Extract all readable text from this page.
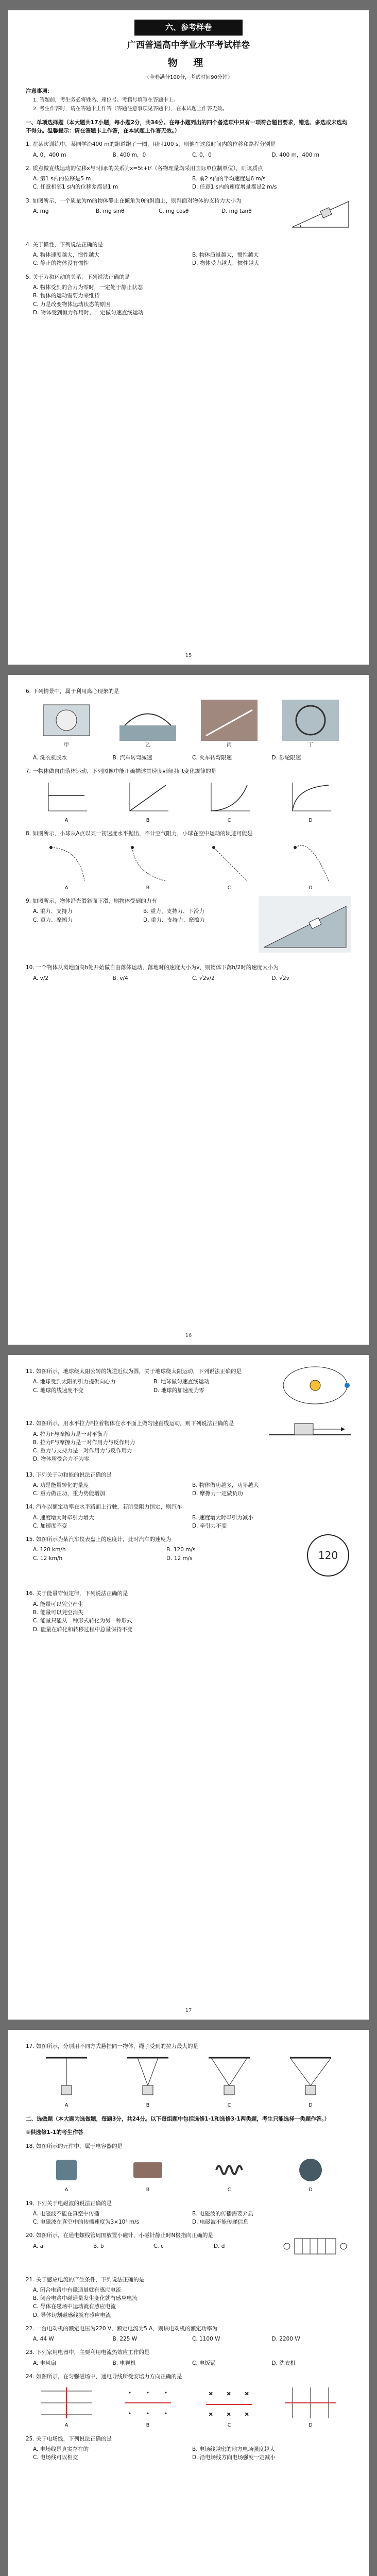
六、参考样卷
广西普通高中学业水平考试样卷
物 理
（全卷满分100分，考试时间90分钟）
注意事项：

1. 答题前，考生务必将姓名、座位号、考籍号填写在答题卡上。

2. 考生作答时，请在答题卡上作答（答题注意事项见答题卡），在本试题上作答无效。

一、单项选择题（本大题共17小题，每小题2分，共34分。在每小题列出的四个备选项中只有一项符合题目要求，错选、多选或未选均不得分。温馨提示：请在答题卡上作答，在本试题上作答无效。）
1. 在某次训练中，某同学沿400 m的跑道跑了一圈，用时100 s，则他在这段时间内的位移和路程分别是
A. 0，400 m	B. 400 m，0	C. 0，0	D. 400 m，400 m
2. 质点做直线运动的位移x与时间t的关系为x=5t+t²（各物理量均采用国际单位制单位），则该质点
A. 第1 s内的位移是5 m	B. 前2 s内的平均速度是6 m/s
C. 任意相邻1 s内的位移差都是1 m	D. 任意1 s内的速度增量都是2 m/s
3. 如图所示，一个质量为m的物体静止在倾角为θ的斜面上，则斜面对物体的支持力大小为
A. mg	B. mg sinθ	C. mg cosθ	D. mg tanθ
4. 关于惯性，下列说法正确的是
A. 物体速度越大，惯性越大	B. 物体质量越大，惯性越大
C. 静止的物体没有惯性	D. 物体受力越大，惯性越大
5. 关于力和运动的关系，下列说法正确的是
A. 物体受到的合力为零时，一定处于静止状态
B. 物体的运动需要力来维持
C. 力是改变物体运动状态的原因
D. 物体受到恒力作用时，一定做匀速直线运动
15
6. 下列情景中，属于利用离心现象的是
甲	乙	丙	丁
A. 洗衣机脱水	B. 汽车转弯减速	C. 火车转弯限速	D. 砂轮限速
7. 一物体做自由落体运动，下列图像中能正确描述其速度v随时间t变化规律的是
A	B	C	D
8. 如图所示，小球从A点以某一初速度水平抛出，不计空气阻力，小球在空中运动的轨迹可能是
A	B	C	D
9. 如图所示，物体沿光滑斜面下滑，则物体受到的力有
A. 重力、支持力	B. 重力、支持力、下滑力
C. 重力、摩擦力	D. 重力、支持力、摩擦力
10. 一个物体从离地面高h处开始做自由落体运动，落地时的速度大小为v，则物体下落h/2时的速度大小为
A. v/2	B. v/4	C. √2v/2	D. √2v
16
11. 如图所示，地球绕太阳公转的轨道近似为圆，关于地球绕太阳运动，下列说法正确的是
A. 地球受到太阳的引力提供向心力	B. 地球做匀速直线运动
C. 地球的线速度不变	D. 地球的加速度为零
12. 如图所示，用水平拉力F拉着物体在水平面上做匀速直线运动，则下列说法正确的是
A. 拉力F与摩擦力是一对平衡力
B. 拉力F与摩擦力是一对作用力与反作用力
C. 重力与支持力是一对作用力与反作用力
D. 物体所受合力不为零
13. 下列关于功和能的说法正确的是
A. 功是能量转化的量度	B. 物体做功越多，功率越大
C. 重力做正功，重力势能增加	D. 摩擦力一定做负功
14. 汽车以额定功率在水平路面上行驶，若所受阻力恒定，则汽车
A. 速度增大时牵引力增大	B. 速度增大时牵引力减小
C. 加速度不变	D. 牵引力不变
120
15. 如图所示为某汽车仪表盘上的速度计，此时汽车的速度为
A. 120 km/h	B. 120 m/s
C. 12 km/h	D. 12 m/s
16. 关于能量守恒定律，下列说法正确的是
A. 能量可以凭空产生
B. 能量可以凭空消失
C. 能量只能从一种形式转化为另一种形式
D. 能量在转化和转移过程中总量保持不变
17
17. 如图所示，分别用不同方式悬挂同一物体，绳子受到的拉力最大的是
A	B	C	D
二、选做题（本大题为选做题，每题3分，共24分。以下每组题中包括选修1-1和选修3-1两类题，考生只能选择一类题作答。）
①供选修1-1的考生作答
18. 如图所示的元件中，属于电容器的是
A	B	C	D
19. 下列关于电磁波的说法正确的是
A. 电磁波不能在真空中传播	B. 电磁波的传播需要介质
C. 电磁波在真空中的传播速度为3×10⁸ m/s	D. 电磁波不能传递信息
20. 如图所示，在通电螺线管周围放置小磁针，小磁针静止时N极指向正确的是
A. a	B. b	C. c	D. d
21. 关于感应电流的产生条件，下列说法正确的是
A. 闭合电路中有磁通量就有感应电流
B. 闭合电路中磁通量发生变化就有感应电流
C. 导体在磁场中运动就有感应电流
D. 导体切割磁感线就有感应电流
22. 一台电动机的额定电压为220 V，额定电流为5 A，则该电动机的额定功率为
A. 44 W	B. 225 W	C. 1100 W	D. 2200 W
23. 下列家用电器中，主要利用电流热效应工作的是
A. 电风扇	B. 电视机	C. 电饭锅	D. 洗衣机
24. 如图所示，在匀强磁场中，通电导线所受安培力方向正确的是
A	B
×	×	×
×	×	×
C	D
25. 关于电场线，下列说法正确的是
A. 电场线是真实存在的	B. 电场线越密的地方电场强度越大
C. 电场线可以相交	D. 沿电场线方向电场强度一定减小
